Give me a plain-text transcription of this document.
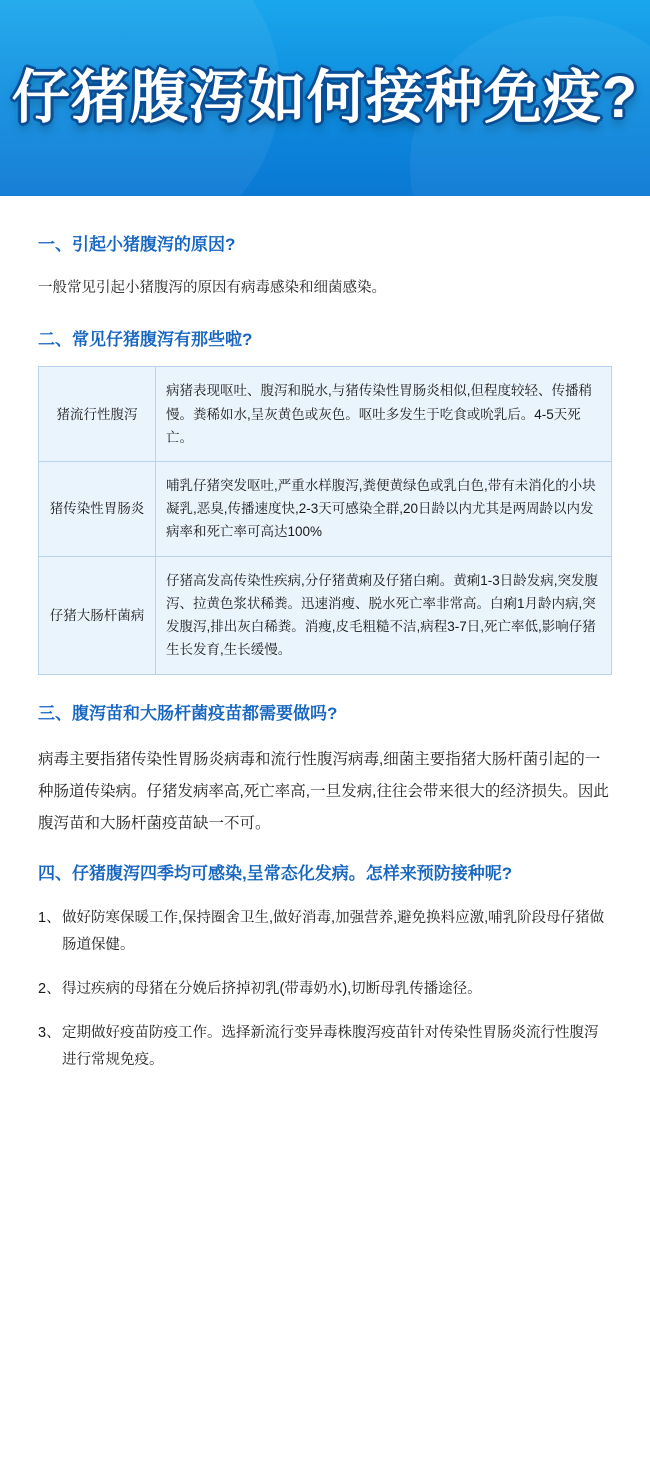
仔猪腹泻如何接种免疫?
一、引起小猪腹泻的原因?

一般常见引起小猪腹泻的原因有病毒感染和细菌感染。

二、常见仔猪腹泻有那些啦?
猪流行性腹泻	病猪表现呕吐、腹泻和脱水,与猪传染性胃肠炎相似,但程度较轻、传播稍慢。粪稀如水,呈灰黄色或灰色。呕吐多发生于吃食或吮乳后。4-5天死亡。
猪传染性胃肠炎	哺乳仔猪突发呕吐,严重水样腹泻,粪便黄绿色或乳白色,带有未消化的小块凝乳,恶臭,传播速度快,2-3天可感染全群,20日龄以内尤其是两周龄以内发病率和死亡率可高达100%
仔猪大肠杆菌病	仔猪高发高传染性疾病,分仔猪黄痢及仔猪白痢。黄痢1-3日龄发病,突发腹泻、拉黄色浆状稀粪。迅速消瘦、脱水死亡率非常高。白痢1月龄内病,突发腹泻,排出灰白稀粪。消瘦,皮毛粗糙不洁,病程3-7日,死亡率低,影响仔猪生长发育,生长缓慢。
三、腹泻苗和大肠杆菌疫苗都需要做吗?

病毒主要指猪传染性胃肠炎病毒和流行性腹泻病毒,细菌主要指猪大肠杆菌引起的一种肠道传染病。仔猪发病率高,死亡率高,一旦发病,往往会带来很大的经济损失。因此腹泻苗和大肠杆菌疫苗缺一不可。

四、仔猪腹泻四季均可感染,呈常态化发病。怎样来预防接种呢?
1、 做好防寒保暖工作,保持圈舍卫生,做好消毒,加强营养,避免换料应激,哺乳阶段母仔猪做肠道保健。
2、 得过疾病的母猪在分娩后挤掉初乳(带毒奶水),切断母乳传播途径。
3、 定期做好疫苗防疫工作。选择新流行变异毒株腹泻疫苗针对传染性胃肠炎流行性腹泻进行常规免疫。
